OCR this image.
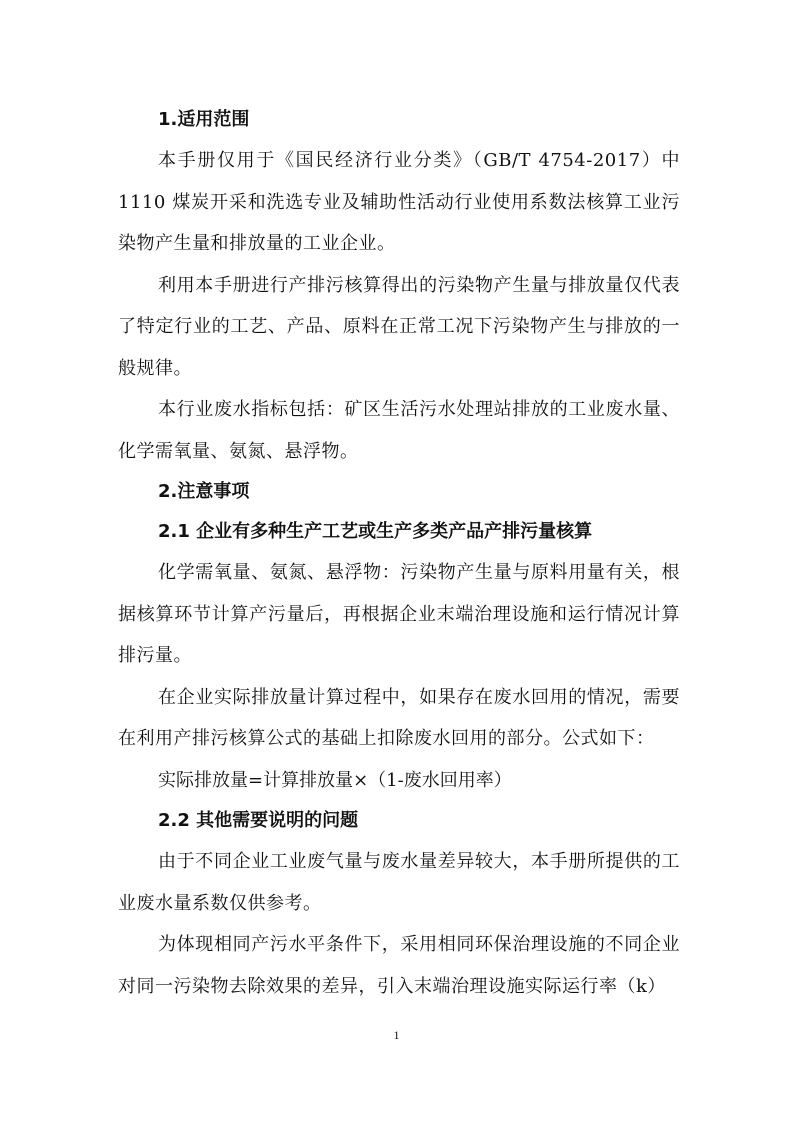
1.适用范围

本手册仅用于《国民经济行业分类》（GB/T 4754-2017）中 1110 煤炭开采和洗选专业及辅助性活动行业使用系数法核算工业污染物产生量和排放量的工业企业。

利用本手册进行产排污核算得出的污染物产生量与排放量仅代表了特定行业的工艺、产品、原料在正常工况下污染物产生与排放的一般规律。

本行业废水指标包括：矿区生活污水处理站排放的工业废水量、化学需氧量、氨氮、悬浮物。

2.注意事项

2.1 企业有多种生产工艺或生产多类产品产排污量核算

化学需氧量、氨氮、悬浮物：污染物产生量与原料用量有关，根据核算环节计算产污量后，再根据企业末端治理设施和运行情况计算排污量。

在企业实际排放量计算过程中，如果存在废水回用的情况，需要在利用产排污核算公式的基础上扣除废水回用的部分。公式如下：

实际排放量=计算排放量×（1-废水回用率）

2.2 其他需要说明的问题

由于不同企业工业废气量与废水量差异较大，本手册所提供的工业废水量系数仅供参考。

为体现相同产污水平条件下，采用相同环保治理设施的不同企业对同一污染物去除效果的差异，引入末端治理设施实际运行率（k）

1
